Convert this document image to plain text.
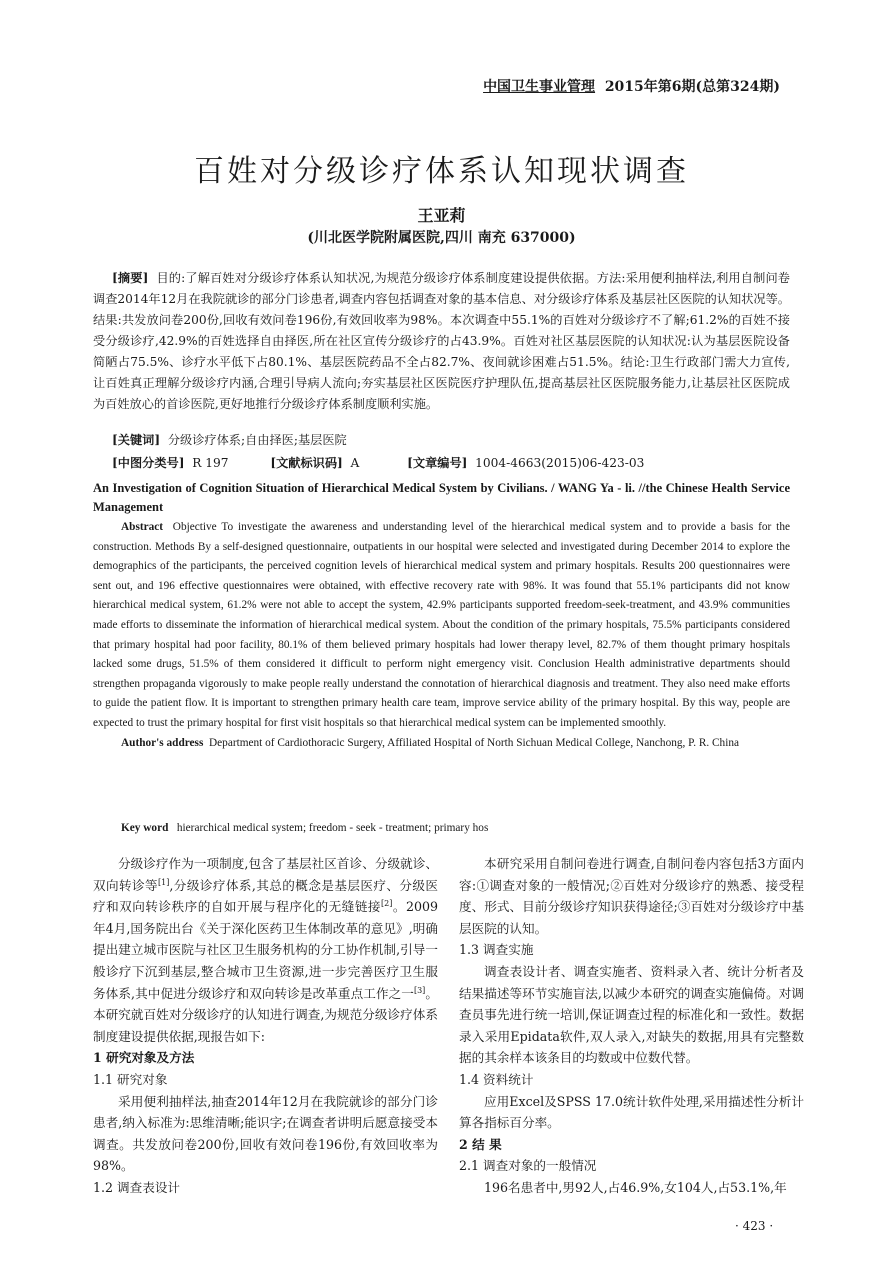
中国卫生事业管理 2015年第6期(总第324期)
百姓对分级诊疗体系认知现状调查
王亚莉
(川北医学院附属医院,四川 南充 637000)
[摘要] 目的:了解百姓对分级诊疗体系认知状况,为规范分级诊疗体系制度建设提供依据。方法:采用便利抽样法,利用自制问卷调查2014年12月在我院就诊的部分门诊患者,调查内容包括调查对象的基本信息、对分级诊疗体系及基层社区医院的认知状况等。结果:共发放问卷200份,回收有效问卷196份,有效回收率为98%。本次调查中55.1%的百姓对分级诊疗不了解;61.2%的百姓不接受分级诊疗,42.9%的百姓选择自由择医,所在社区宣传分级诊疗的占43.9%。百姓对社区基层医院的认知状况:认为基层医院设备简陋占75.5%、诊疗水平低下占80.1%、基层医院药品不全占82.7%、夜间就诊困难占51.5%。结论:卫生行政部门需大力宣传,让百姓真正理解分级诊疗内涵,合理引导病人流向;夯实基层社区医院医疗护理队伍,提高基层社区医院服务能力,让基层社区医院成为百姓放心的首诊医院,更好地推行分级诊疗体系制度顺利实施。
[关键词] 分级诊疗体系;自由择医;基层医院
[中图分类号] R 197	[文献标识码] A	[文章编号] 1004-4663(2015)06-423-03
An Investigation of Cognition Situation of Hierarchical Medical System by Civilians. / WANG Ya - li. //the Chinese Health Service Management

Abstract Objective To investigate the awareness and understanding level of the hierarchical medical system and to provide a basis for the construction. Methods By a self-designed questionnaire, outpatients in our hospital were selected and investigated during December 2014 to explore the demographics of the participants, the perceived cognition levels of hierarchical medical system and primary hospitals. Results 200 questionnaires were sent out, and 196 effective questionnaires were obtained, with effective recovery rate with 98%. It was found that 55.1% participants did not know hierarchical medical system, 61.2% were not able to accept the system, 42.9% participants supported freedom-seek-treatment, and 43.9% communities made efforts to disseminate the information of hierarchical medical system. About the condition of the primary hospitals, 75.5% participants considered that primary hospital had poor facility, 80.1% of them believed primary hospitals had lower therapy level, 82.7% of them thought primary hospitals lacked some drugs, 51.5% of them considered it difficult to perform night emergency visit. Conclusion Health administrative departments should strengthen propaganda vigorously to make people really understand the connotation of hierarchical diagnosis and treatment. They also need make efforts to guide the patient flow. It is important to strengthen primary health care team, improve service ability of the primary hospital. By this way, people are expected to trust the primary hospital for first visit hospitals so that hierarchical medical system can be implemented smoothly.

Author's address Department of Cardiothoracic Surgery, Affiliated Hospital of North Sichuan Medical College, Nanchong, P. R. China

Key word hierarchical medical system; freedom - seek - treatment; primary hos

分级诊疗作为一项制度,包含了基层社区首诊、分级就诊、双向转诊等[1],分级诊疗体系,其总的概念是基层医疗、分级医疗和双向转诊秩序的自如开展与程序化的无缝链接[2]。2009年4月,国务院出台《关于深化医药卫生体制改革的意见》,明确提出建立城市医院与社区卫生服务机构的分工协作机制,引导一般诊疗下沉到基层,整合城市卫生资源,进一步完善医疗卫生服务体系,其中促进分级诊疗和双向转诊是改革重点工作之一[3]。本研究就百姓对分级诊疗的认知进行调查,为规范分级诊疗体系制度建设提供依据,现报告如下:

1 研究对象及方法

1.1 研究对象

采用便利抽样法,抽查2014年12月在我院就诊的部分门诊患者,纳入标准为:思维清晰;能识字;在调查者讲明后愿意接受本调查。共发放问卷200份,回收有效问卷196份,有效回收率为98%。

1.2 调查表设计

本研究采用自制问卷进行调查,自制问卷内容包括3方面内容:①调查对象的一般情况;②百姓对分级诊疗的熟悉、接受程度、形式、目前分级诊疗知识获得途径;③百姓对分级诊疗中基层医院的认知。

1.3 调查实施

调查表设计者、调查实施者、资料录入者、统计分析者及结果描述等环节实施盲法,以减少本研究的调查实施偏倚。对调查员事先进行统一培训,保证调查过程的标准化和一致性。数据录入采用Epidata软件,双人录入,对缺失的数据,用具有完整数据的其余样本该条目的均数或中位数代替。

1.4 资料统计

应用Excel及SPSS 17.0统计软件处理,采用描述性分析计算各指标百分率。

2 结 果

2.1 调查对象的一般情况

196名患者中,男92人,占46.9%,女104人,占53.1%,年

· 423 ·
